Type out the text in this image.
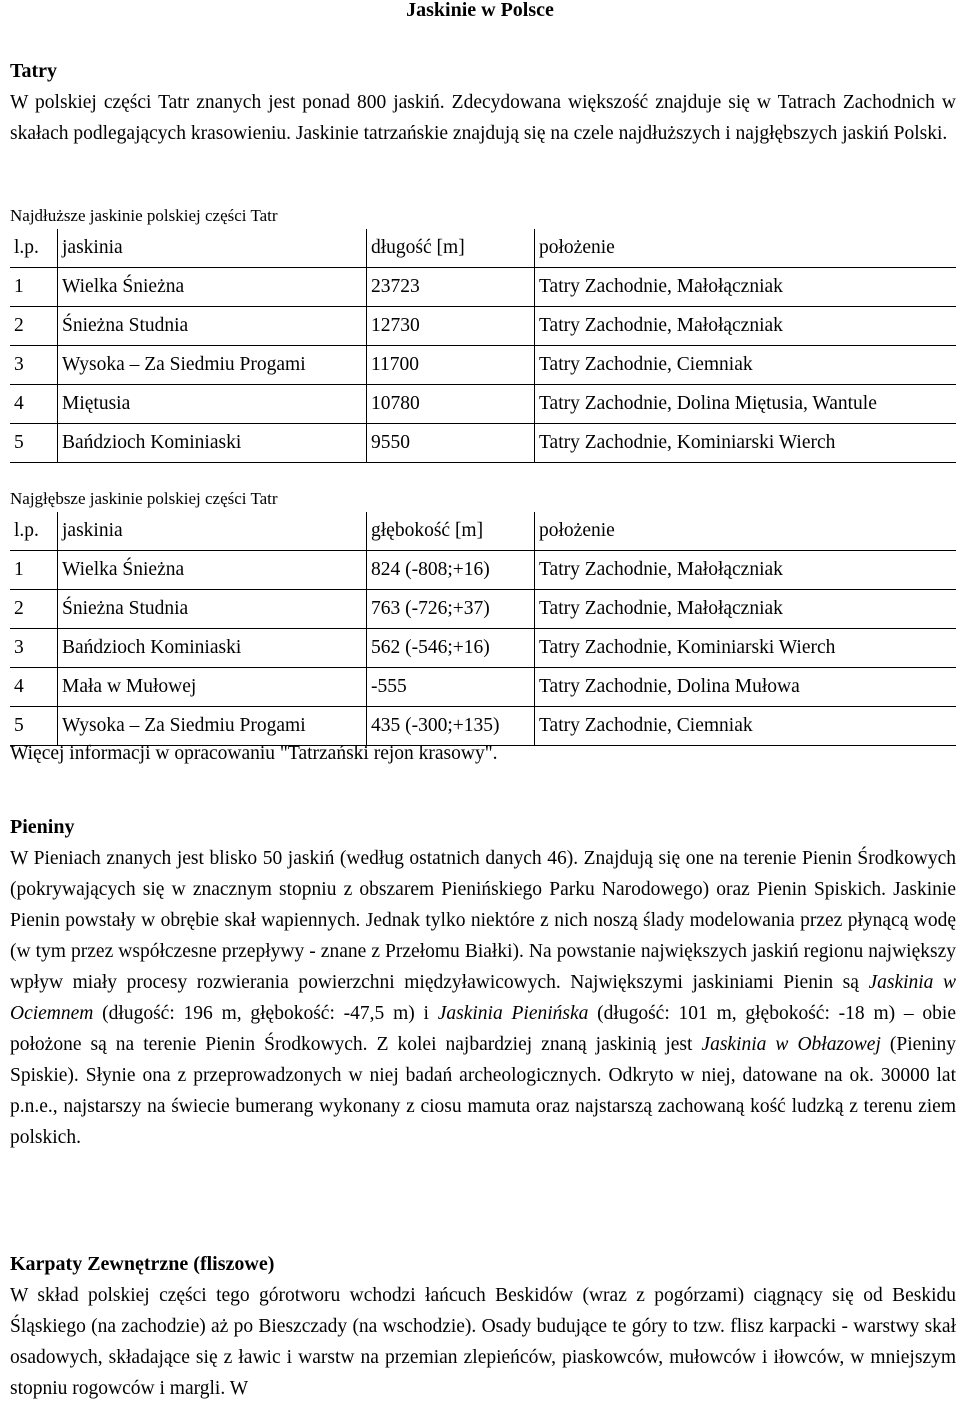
Jaskinie w Polsce
Tatry

W polskiej części Tatr znanych jest ponad 800 jaskiń. Zdecydowana większość znajduje się w Tatrach Zachodnich w skałach podlegających krasowieniu. Jaskinie tatrzańskie znajdują się na czele najdłuższych i najgłębszych jaskiń Polski.

Najdłuższe jaskinie polskiej części Tatr
l.p.	jaskinia	długość [m]	położenie
1	Wielka Śnieżna	23723	Tatry Zachodnie, Małołączniak
2	Śnieżna Studnia	12730	Tatry Zachodnie, Małołączniak
3	Wysoka – Za Siedmiu Progami	11700	Tatry Zachodnie, Ciemniak
4	Miętusia	10780	Tatry Zachodnie, Dolina Miętusia, Wantule
5	Bańdzioch Kominiaski	9550	Tatry Zachodnie, Kominiarski Wierch
Najgłębsze jaskinie polskiej części Tatr
l.p.	jaskinia	głębokość [m]	położenie
1	Wielka Śnieżna	824 (-808;+16)	Tatry Zachodnie, Małołączniak
2	Śnieżna Studnia	763 (-726;+37)	Tatry Zachodnie, Małołączniak
3	Bańdzioch Kominiaski	562 (-546;+16)	Tatry Zachodnie, Kominiarski Wierch
4	Mała w Mułowej	-555	Tatry Zachodnie, Dolina Mułowa
5	Wysoka – Za Siedmiu Progami	435 (-300;+135)	Tatry Zachodnie, Ciemniak

Więcej informacji w opracowaniu "Tatrzański rejon krasowy".

Pieniny

W Pieniach znanych jest blisko 50 jaskiń (według ostatnich danych 46). Znajdują się one na terenie Pienin Środkowych (pokrywających się w znacznym stopniu z obszarem Pienińskiego Parku Narodowego) oraz Pienin Spiskich. Jaskinie Pienin powstały w obrębie skał wapiennych. Jednak tylko niektóre z nich noszą ślady modelowania przez płynącą wodę (w tym przez współczesne przepływy - znane z Przełomu Białki). Na powstanie największych jaskiń regionu największy wpływ miały procesy rozwierania powierzchni międzyławicowych. Największymi jaskiniami Pienin są Jaskinia w Ociemnem (długość: 196 m, głębokość: -47,5 m) i Jaskinia Pienińska (długość: 101 m, głębokość: -18 m) – obie położone są na terenie Pienin Środkowych. Z kolei najbardziej znaną jaskinią jest Jaskinia w Obłazowej (Pieniny Spiskie). Słynie ona z przeprowadzonych w niej badań archeologicznych. Odkryto w niej, datowane na ok. 30000 lat p.n.e., najstarszy na świecie bumerang wykonany z ciosu mamuta oraz najstarszą zachowaną kość ludzką z terenu ziem polskich.

Karpaty Zewnętrzne (fliszowe)

W skład polskiej części tego górotworu wchodzi łańcuch Beskidów (wraz z pogórzami) ciągnący się od Beskidu Śląskiego (na zachodzie) aż po Bieszczady (na wschodzie). Osady budujące te góry to tzw. flisz karpacki - warstwy skał osadowych, składające się z ławic i warstw na przemian zlepieńców, piaskowców, mułowców i iłowców, w mniejszym stopniu rogowców i margli. W
